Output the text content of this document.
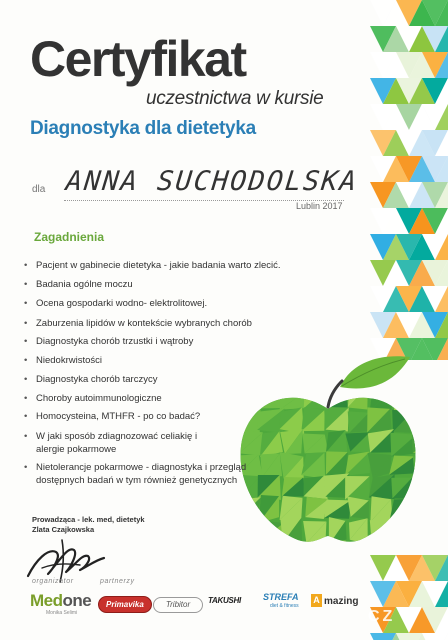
Certyfikat

uczestnictwa w kursie

Diagnostyka dla dietetyka
dla ANNA SUCHODOLSKA

Lublin 2017
Zagadnienia
• Pacjent w gabinecie dietetyka - jakie badania warto zlecić.
• Badania ogólne moczu
• Ocena gospodarki wodno- elektrolitowej.
• Zaburzenia lipidów w kontekście wybranych chorób
• Diagnostyka chorób trzustki i wątroby
• Niedokrwistości
• Diagnostyka chorób tarczycy
• Choroby autoimmunologiczne
• Homocysteina, MTHFR - po co badać?
• W jaki sposób zdiagnozować celiakię i alergie pokarmowe
• Nietolerancje pokarmowe - diagnostyka i przegląd dostępnych badań w tym również genetycznych
Prowadząca - lek. med, dietetyk
Zlata Czajkowska
organizator	partnerzy
Medone
Monika Selimi
Primavika	Tribitor	TAKUSHI STREFA
diet & fitness
A mazing
CZ N
